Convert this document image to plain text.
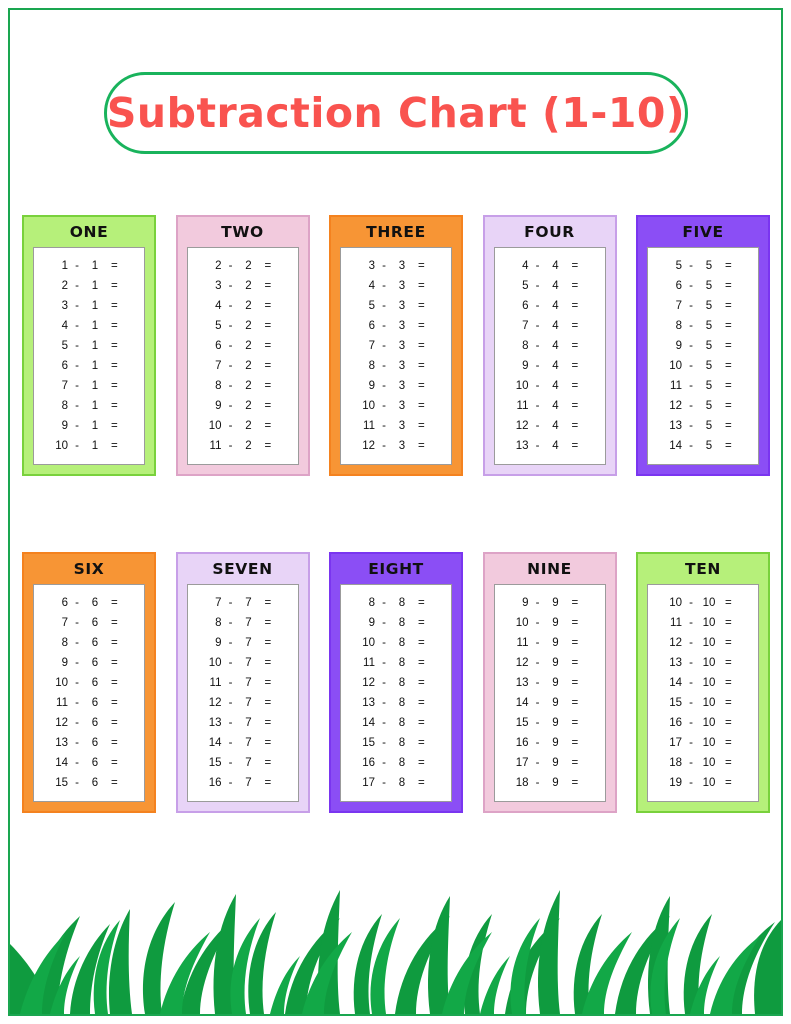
Subtraction Chart (1-10)
ONE
1 -	1	=
2 -	1	=
3 -	1	=
4 -	1	=
5 -	1	=
6 -	1	=
7 -	1	=
8 -	1	=
9 -	1	=
10 -	1	=
TWO
2 -	2	=
3 -	2	=
4 -	2	=
5 -	2	=
6 -	2	=
7 -	2	=
8 -	2	=
9 -	2	=
10 -	2	=
11 -	2	=
THREE
3 -	3	=
4 -	3	=
5 -	3	=
6 -	3	=
7 -	3	=
8 -	3	=
9 -	3	=
10 -	3	=
11 -	3	=
12 -	3	=
FOUR
4 -	4	=
5 -	4	=
6 -	4	=
7 -	4	=
8 -	4	=
9 -	4	=
10 -	4	=
11 -	4	=
12 -	4	=
13 -	4	=
FIVE
5 -	5	=
6 -	5	=
7 -	5	=
8 -	5	=
9 -	5	=
10 -	5	=
11 -	5	=
12 -	5	=
13 -	5	=
14 -	5	=
SIX
6 -	6	=
7 -	6	=
8 -	6	=
9 -	6	=
10 -	6	=
11 -	6	=
12 -	6	=
13 -	6	=
14 -	6	=
15 -	6	=
SEVEN
7 -	7	=
8 -	7	=
9 -	7	=
10 -	7	=
11 -	7	=
12 -	7	=
13 -	7	=
14 -	7	=
15 -	7	=
16 -	7	=
EIGHT
8 -	8	=
9 -	8	=
10 -	8	=
11 -	8	=
12 -	8	=
13 -	8	=
14 -	8	=
15 -	8	=
16 -	8	=
17 -	8	=
NINE
9 -	9	=
10 -	9	=
11 -	9	=
12 -	9	=
13 -	9	=
14 -	9	=
15 -	9	=
16 -	9	=
17 -	9	=
18 -	9	=
TEN
10 - 10 =
11 - 10 =
12 - 10 =
13 - 10 =
14 - 10 =
15 - 10 =
16 - 10 =
17 - 10 =
18 - 10 =
19 - 10 =
